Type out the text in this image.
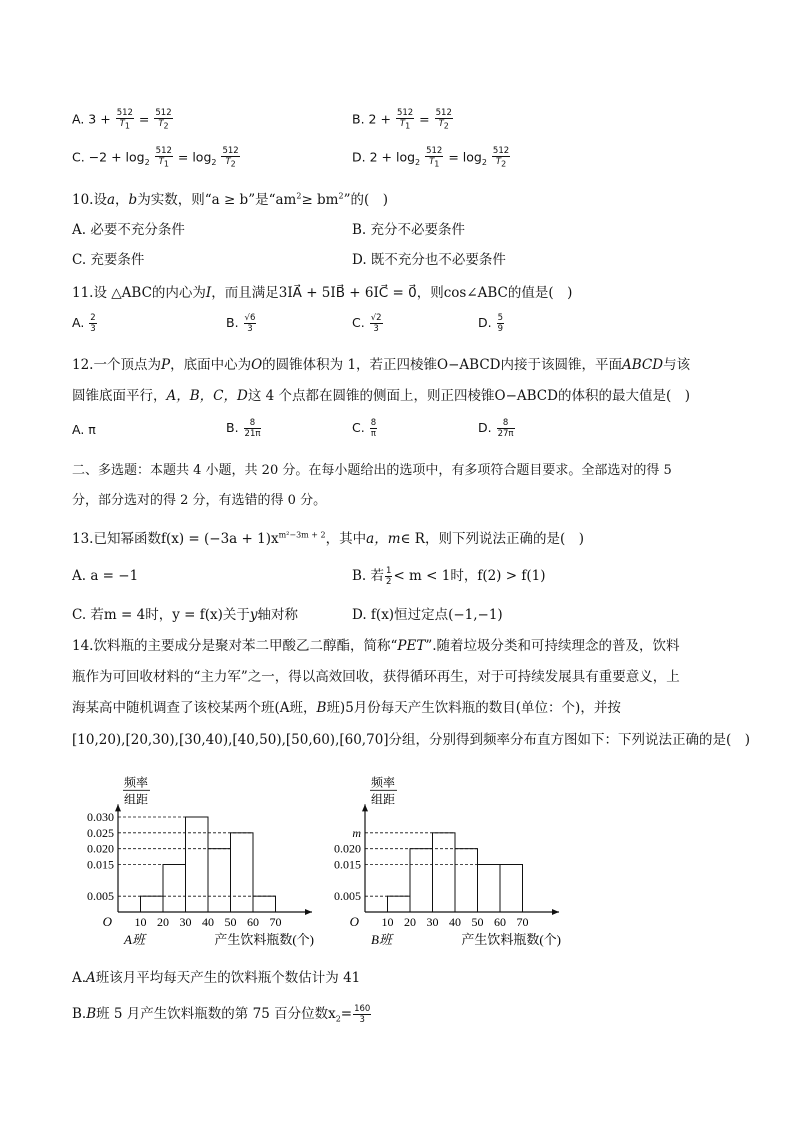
A. $3 + \frac{512}{T_1} = \frac{512}{T_2}$	B. $2 + \frac{512}{T_1} = \frac{512}{T_2}$
C. $-2 + \log_2 \frac{512}{T_1} = \log_2 \frac{512}{T_2}$	D. $2 + \log_2 \frac{512}{T_1} = \log_2 \frac{512}{T_2}$
10.设a，b为实数，则“a ≥ b”是“$am^2\ge bm^2$”的(　)
A. 必要不充分条件	B. 充分不必要条件
C. 充要条件	D. 既不充分也不必要条件
11.设 △ABC的内心为I，而且满足3IA⃗ + 5IB⃗ + 6IC⃗ = 0⃗，则cos∠ABC的值是(　)
A. $\frac{2}{3}$	B. $\frac{√6}{3}$	C. $\frac{√2}{3}$	D. $\frac{5}{9}$
12.一个顶点为P，底面中心为O的圆锥体积为 1，若正四棱锥O−ABCD内接于该圆锥，平面ABCD与该
圆锥底面平行，A，B，C，D这 4 个点都在圆锥的侧面上，则正四棱锥O−ABCD的体积的最大值是(　)
A. π	B. $\frac{8}{21\pi}$	C. $\frac{8}{\pi}$	D. $\frac{8}{27\pi}$
二、多选题：本题共 4 小题，共 20 分。在每小题给出的选项中，有多项符合题目要求。全部选对的得 5
分，部分选对的得 2 分，有选错的得 0 分。
13.已知幂函数$f(x) = (-3a + 1)x^{m^2-3m + 2}$，其中a，m∈ R，则下列说法正确的是(　)
A. a = −1	B. 若 $\frac{1}{2} < m < 1$时，f(2) > f(1)
C. 若m = 4时，y = f(x)关于y轴对称	D. f(x)恒过定点(−1,−1)
14.饮料瓶的主要成分是聚对苯二甲酸乙二醇酯，简称“PET”.随着垃圾分类和可持续理念的普及，饮料
瓶作为可回收材料的“主力军”之一，得以高效回收，获得循环再生，对于可持续发展具有重要意义，上
海某高中随机调查了该校某两个班(A班，B班)5月份每天产生饮料瓶的数目(单位：个)，并按
[10,20),[20,30),[30,40),[40,50),[50,60),[60,70]分组，分别得到频率分布直方图如下：下列说法正确的是(　)
频率
组距
0.030
0.025
0.020
0.015
0.005
O 10 20 30 40 50 60 70
A班	产生饮料瓶数(个)
频率
组距
m
0.020
0.015
0.005
O 10 20 30 40 50 60 70
B班	产生饮料瓶数(个)
A.A班该月平均每天产生的饮料瓶个数估计为 41
B.B班 5 月产生饮料瓶数的第 75 百分位数$x_2= \frac{160}{3}$
